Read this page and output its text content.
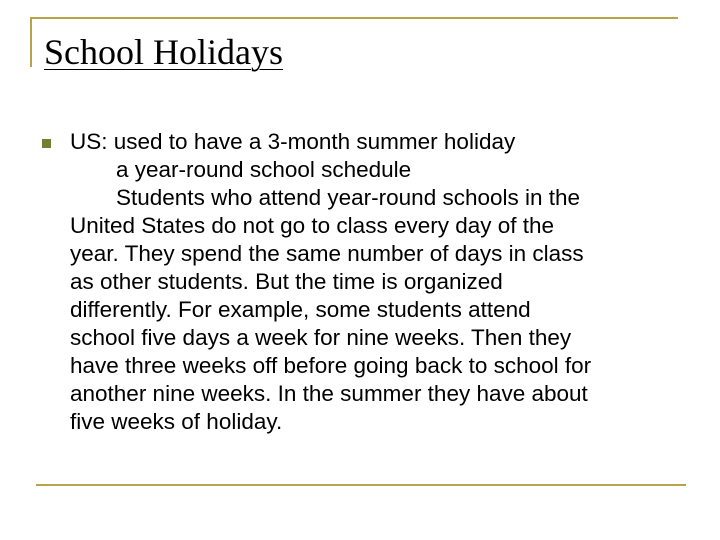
School Holidays
US: used to have a 3-month summer holiday
a year-round school schedule
Students who attend year-round schools in the
United States do not go to class every day of the
year. They spend the same number of days in class
as other students. But the time is organized
differently. For example, some students attend
school five days a week for nine weeks. Then they
have three weeks off before going back to school for
another nine weeks. In the summer they have about
five weeks of holiday.
